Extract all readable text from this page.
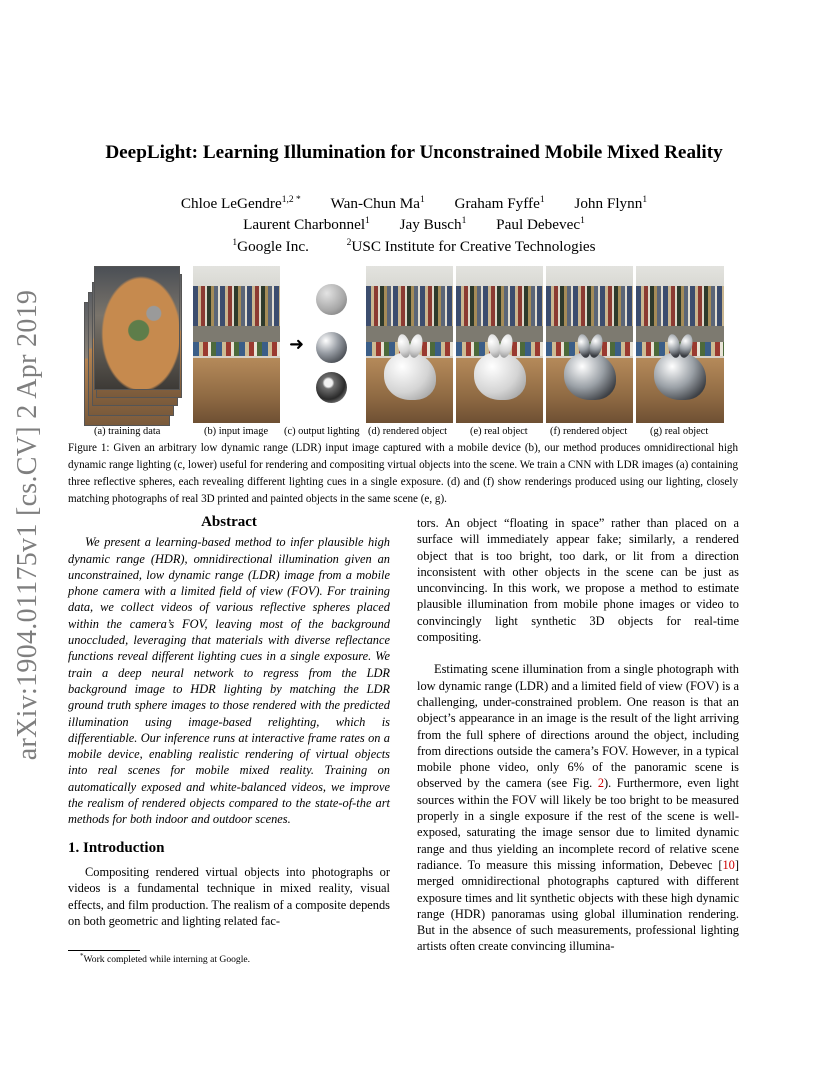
arXiv:1904.01175v1 [cs.CV] 2 Apr 2019
DeepLight: Learning Illumination for Unconstrained Mobile Mixed Reality
Chloe LeGendre$^{1,2 *}$ Wan-Chun Ma$^1$ Graham Fyffe$^1$ John Flynn$^1$
Laurent Charbonnel$^1$ Jay Busch$^1$ Paul Debevec$^1$
$^1$Google Inc.	$^2$USC Institute for Creative Technologies
➜
(a) training data	(b) input image (c) output lighting (d) rendered object (e) real object (f) rendered object (g) real object
Figure 1: Given an arbitrary low dynamic range (LDR) input image captured with a mobile device (b), our method produces omnidirectional high dynamic range lighting (c, lower) useful for rendering and compositing virtual objects into the scene. We train a CNN with LDR images (a) containing three reflective spheres, each revealing different lighting cues in a single exposure. (d) and (f) show renderings produced using our lighting, closely matching photographs of real 3D printed and painted objects in the same scene (e, g).
Abstract

We present a learning-based method to infer plausible high dynamic range (HDR), omnidirectional illumination given an unconstrained, low dynamic range (LDR) image from a mobile phone camera with a limited field of view (FOV). For training data, we collect videos of various reflective spheres placed within the camera’s FOV, leaving most of the background unoccluded, leveraging that materials with diverse reflectance functions reveal different lighting cues in a single exposure. We train a deep neural network to regress from the LDR background image to HDR lighting by matching the LDR ground truth sphere images to those rendered with the predicted illumination using image-based relighting, which is differentiable. Our inference runs at interactive frame rates on a mobile device, enabling realistic rendering of virtual objects into real scenes for mobile mixed reality. Training on automatically exposed and white-balanced videos, we improve the realism of rendered objects compared to the state-of-the art methods for both indoor and outdoor scenes.

1. Introduction

Compositing rendered virtual objects into photographs or videos is a fundamental technique in mixed reality, visual effects, and film production. The realism of a composite depends on both geometric and lighting related fac-

tors. An object “floating in space” rather than placed on a surface will immediately appear fake; similarly, a rendered object that is too bright, too dark, or lit from a direction inconsistent with other objects in the scene can be just as unconvincing. In this work, we propose a method to estimate plausible illumination from mobile phone images or video to convincingly light synthetic 3D objects for real-time compositing.

Estimating scene illumination from a single photograph with low dynamic range (LDR) and a limited field of view (FOV) is a challenging, under-constrained problem. One reason is that an object’s appearance in an image is the result of the light arriving from the full sphere of directions around the object, including from directions outside the camera’s FOV. However, in a typical mobile phone video, only 6% of the panoramic scene is observed by the camera (see Fig. 2). Furthermore, even light sources within the FOV will likely be too bright to be measured properly in a single exposure if the rest of the scene is well-exposed, saturating the image sensor due to limited dynamic range and thus yielding an incomplete record of relative scene radiance. To measure this missing information, Debevec [10] merged omnidirectional photographs captured with different exposure times and lit synthetic objects with these high dynamic range (HDR) panoramas using global illumination rendering. But in the absence of such measurements, professional lighting artists often create convincing illumina-

*Work completed while interning at Google.
